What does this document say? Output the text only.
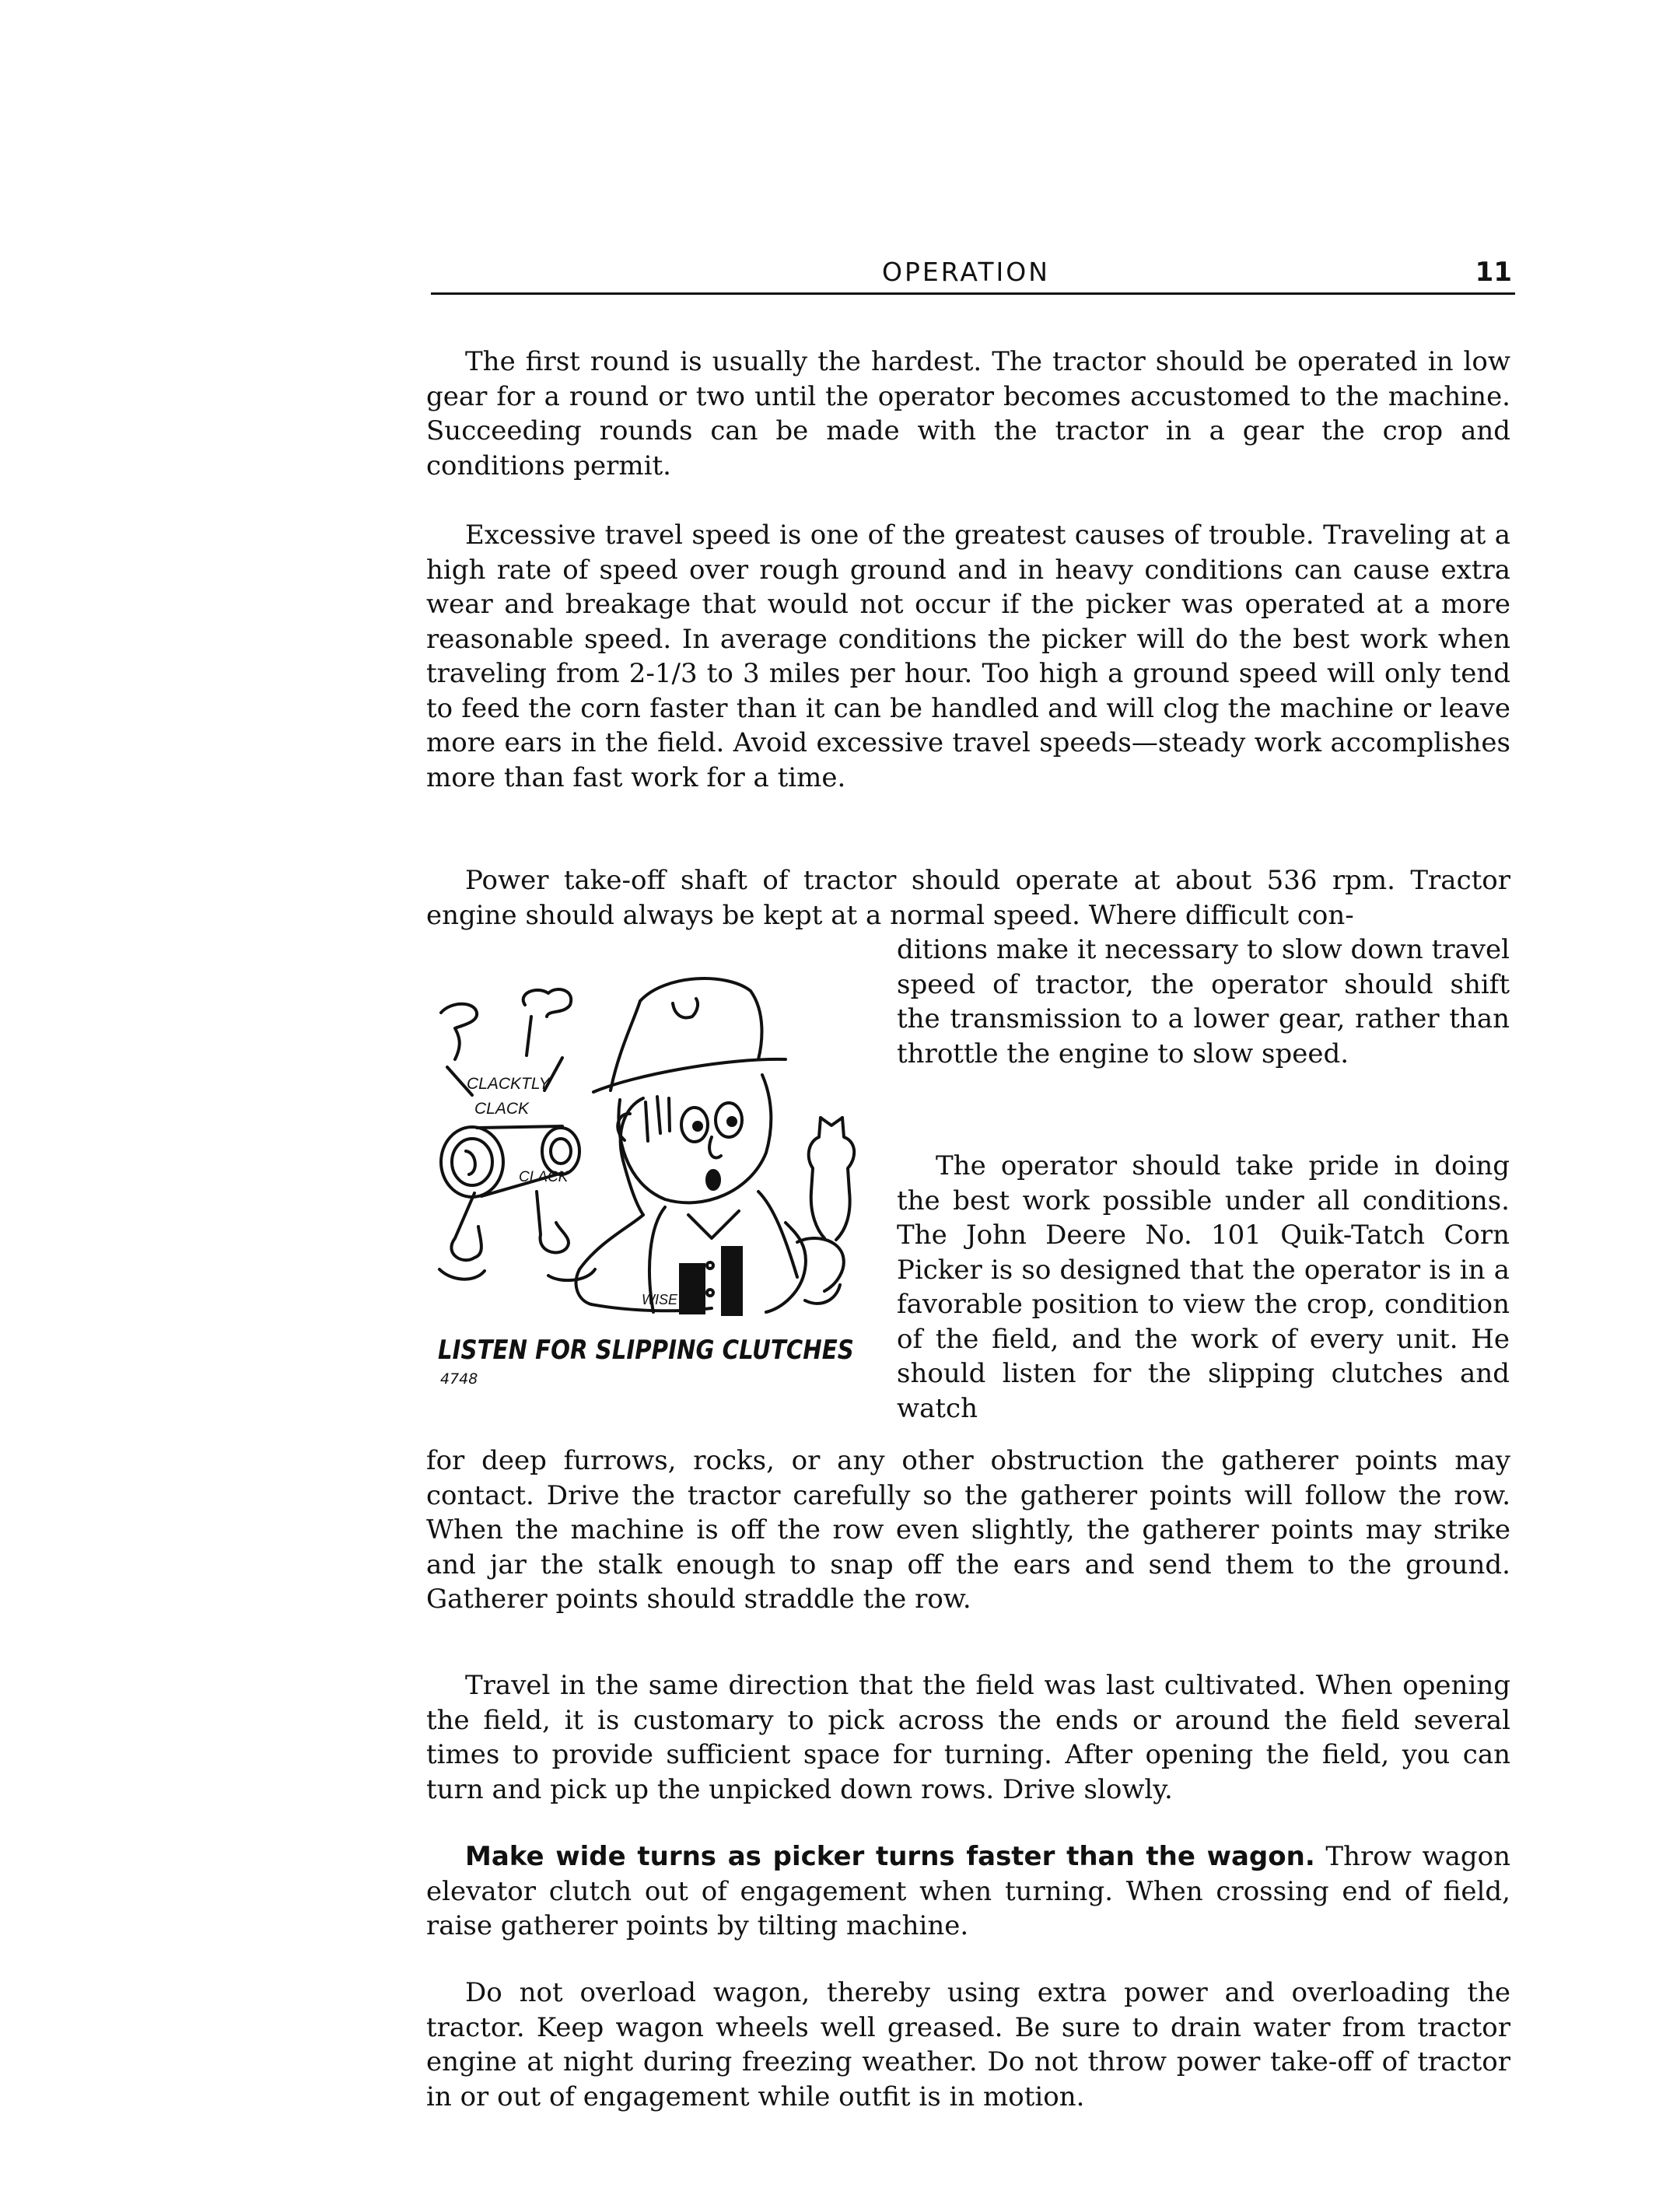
OPERATION	11

The first round is usually the hardest. The tractor should be operated in low gear for a round or two until the operator becomes accustomed to the machine. Succeeding rounds can be made with the tractor in a gear the crop and conditions permit.

Excessive travel speed is one of the greatest causes of trouble. Traveling at a high rate of speed over rough ground and in heavy conditions can cause extra wear and breakage that would not occur if the picker was operated at a more reasonable speed. In average conditions the picker will do the best work when traveling from 2-1/3 to 3 miles per hour. Too high a ground speed will only tend to feed the corn faster than it can be handled and will clog the machine or leave more ears in the field. Avoid excessive travel speeds—steady work accomplishes more than fast work for a time.

Power take-off shaft of tractor should operate at about 536 rpm. Tractor engine should always be kept at a normal speed. Where difficult con-

ditions make it necessary to slow down travel speed of tractor, the operator should shift the transmission to a lower gear, rather than throttle the engine to slow speed.

CLACKTLY
CLACK
CLACK
WISE
LISTEN FOR SLIPPING CLUTCHES
4748

The operator should take pride in doing the best work possible under all conditions. The John Deere No. 101 Quik-Tatch Corn Picker is so designed that the operator is in a favorable position to view the crop, condition of the field, and the work of every unit. He should listen for the slipping clutches and watch

for deep furrows, rocks, or any other obstruction the gatherer points may contact. Drive the tractor carefully so the gatherer points will follow the row. When the machine is off the row even slightly, the gatherer points may strike and jar the stalk enough to snap off the ears and send them to the ground. Gatherer points should straddle the row.

Travel in the same direction that the field was last cultivated. When opening the field, it is customary to pick across the ends or around the field several times to provide sufficient space for turning. After opening the field, you can turn and pick up the unpicked down rows. Drive slowly.

Make wide turns as picker turns faster than the wagon. Throw wagon elevator clutch out of engagement when turning. When crossing end of field, raise gatherer points by tilting machine.

Do not overload wagon, thereby using extra power and overloading the tractor. Keep wagon wheels well greased. Be sure to drain water from tractor engine at night during freezing weather. Do not throw power take-off of tractor in or out of engagement while outfit is in motion.
